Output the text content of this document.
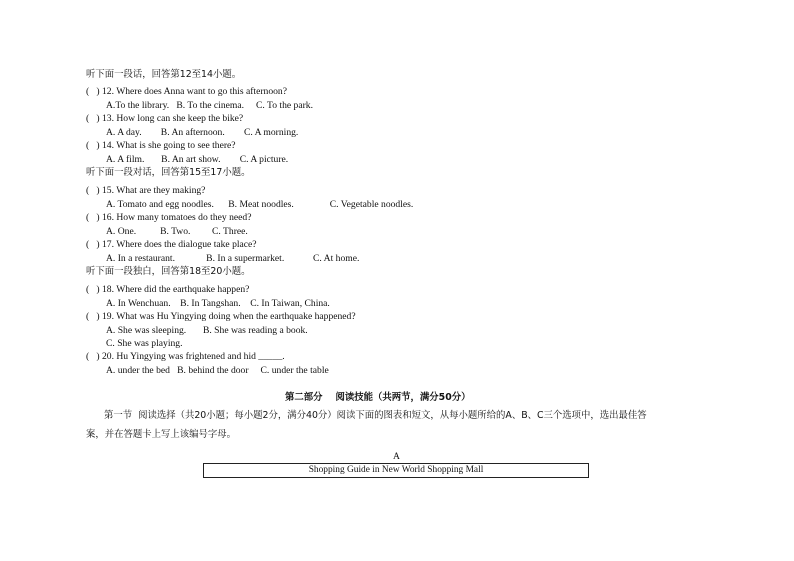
听下面一段话，回答第12至14小题。
(   ) 12. Where does Anna want to go this afternoon?
A.To the library.   B. To the cinema.     C. To the park.
(   ) 13. How long can she keep the bike?
A. A day.        B. An afternoon.        C. A morning.
(   ) 14. What is she going to see there?
A. A film.       B. An art show.        C. A picture.
听下面一段对话，回答第15至17小题。
(   ) 15. What are they making?
A. Tomato and egg noodles.      B. Meat noodles.               C. Vegetable noodles.
(   ) 16. How many tomatoes do they need?
A. One.          B. Two.         C. Three.
(   ) 17. Where does the dialogue take place?
A. In a restaurant.             B. In a supermarket.            C. At home.
听下面一段独白，回答第18至20小题。
(   ) 18. Where did the earthquake happen?
A. In Wenchuan.    B. In Tangshan.    C. In Taiwan, China.
(   ) 19. What was Hu Yingying doing when the earthquake happened?
A. She was sleeping.       B. She was reading a book.
C. She was playing.
(   ) 20. Hu Yingying was frightened and hid _____.
A. under the bed   B. behind the door     C. under the table
第二部分    阅读技能（共两节，满分50分）
第一节  阅读选择（共20小题；每小题2分，满分40分）阅读下面的图表和短文，从每小题所给的A、B、C三个选项中，选出最佳答
案，并在答题卡上写上该编号字母。
A
Shopping Guide in New World Shopping Mall
